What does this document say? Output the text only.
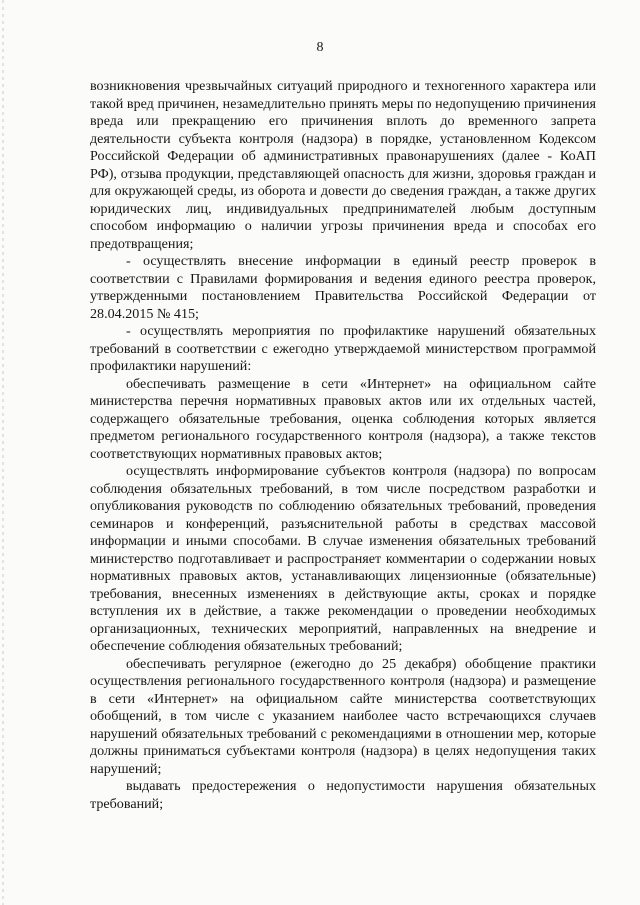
8

возникновения чрезвычайных ситуаций природного и техногенного характера или такой вред причинен, незамедлительно принять меры по недопущению причинения вреда или прекращению его причинения вплоть до временного запрета деятельности субъекта контроля (надзора) в порядке, установленном Кодексом Российской Федерации об административных правонарушениях (далее - КоАП РФ), отзыва продукции, представляющей опасность для жизни, здоровья граждан и для окружающей среды, из оборота и довести до сведения граждан, а также других юридических лиц, индивидуальных предпринимателей любым доступным способом информацию о наличии угрозы причинения вреда и способах его предотвращения;

- осуществлять внесение информации в единый реестр проверок в соответствии с Правилами формирования и ведения единого реестра проверок, утвержденными постановлением Правительства Российской Федерации от 28.04.2015 № 415;

- осуществлять мероприятия по профилактике нарушений обязательных требований в соответствии с ежегодно утверждаемой министерством программой профилактики нарушений:

обеспечивать размещение в сети «Интернет» на официальном сайте министерства перечня нормативных правовых актов или их отдельных частей, содержащего обязательные требования, оценка соблюдения которых является предметом регионального государственного контроля (надзора), а также текстов соответствующих нормативных правовых актов;

осуществлять информирование субъектов контроля (надзора) по вопросам соблюдения обязательных требований, в том числе посредством разработки и опубликования руководств по соблюдению обязательных требований, проведения семинаров и конференций, разъяснительной работы в средствах массовой информации и иными способами. В случае изменения обязательных требований министерство подготавливает и распространяет комментарии о содержании новых нормативных правовых актов, устанавливающих лицензионные (обязательные) требования, внесенных изменениях в действующие акты, сроках и порядке вступления их в действие, а также рекомендации о проведении необходимых организационных, технических мероприятий, направленных на внедрение и обеспечение соблюдения обязательных требований;

обеспечивать регулярное (ежегодно до 25 декабря) обобщение практики осуществления регионального государственного контроля (надзора) и размещение в сети «Интернет» на официальном сайте министерства соответствующих обобщений, в том числе с указанием наиболее часто встречающихся случаев нарушений обязательных требований с рекомендациями в отношении мер, которые должны приниматься субъектами контроля (надзора) в целях недопущения таких нарушений;

выдавать предостережения о недопустимости нарушения обязательных требований;
